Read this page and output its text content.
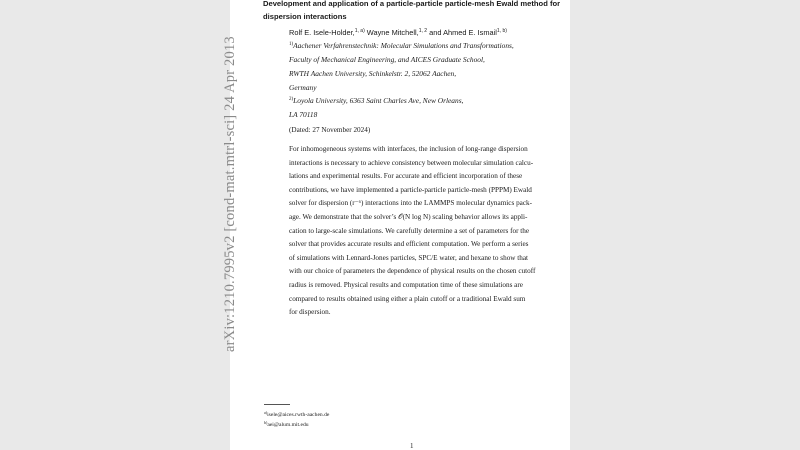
arXiv:1210.7995v2 [cond-mat.mtrl-sci] 24 Apr 2013
Development and application of a particle-particle particle-mesh Ewald method for
dispersion interactions
Rolf E. Isele-Holder,$^{1, a)}$ Wayne Mitchell,$^{1, 2}$ and Ahmed E. Ismail$^{1, b)}$
$^{1)}$Aachener Verfahrenstechnik: Molecular Simulations and Transformations,
Faculty of Mechanical Engineering, and AICES Graduate School,
RWTH Aachen University, Schinkelstr. 2, 52062 Aachen,
Germany
$^{2)}$Loyola University, 6363 Saint Charles Ave, New Orleans,
LA 70118
(Dated: 27 November 2024)
For inhomogeneous systems with interfaces, the inclusion of long-range dispersion
interactions is necessary to achieve consistency between molecular simulation calcu-
lations and experimental results. For accurate and efficient incorporation of these
contributions, we have implemented a particle-particle particle-mesh (PPPM) Ewald
solver for dispersion (r⁻⁶) interactions into the LAMMPS molecular dynamics pack-
age. We demonstrate that the solver’s 𝒪(N log N) scaling behavior allows its appli-
cation to large-scale simulations. We carefully determine a set of parameters for the
solver that provides accurate results and efficient computation. We perform a series
of simulations with Lennard-Jones particles, SPC/E water, and hexane to show that
with our choice of parameters the dependence of physical results on the chosen cutoff
radius is removed. Physical results and computation time of these simulations are
compared to results obtained using either a plain cutoff or a traditional Ewald sum
for dispersion.
$^{a)}$isele@aices.rwth-aachen.de
$^{b)}$aei@alum.mit.edu
1
